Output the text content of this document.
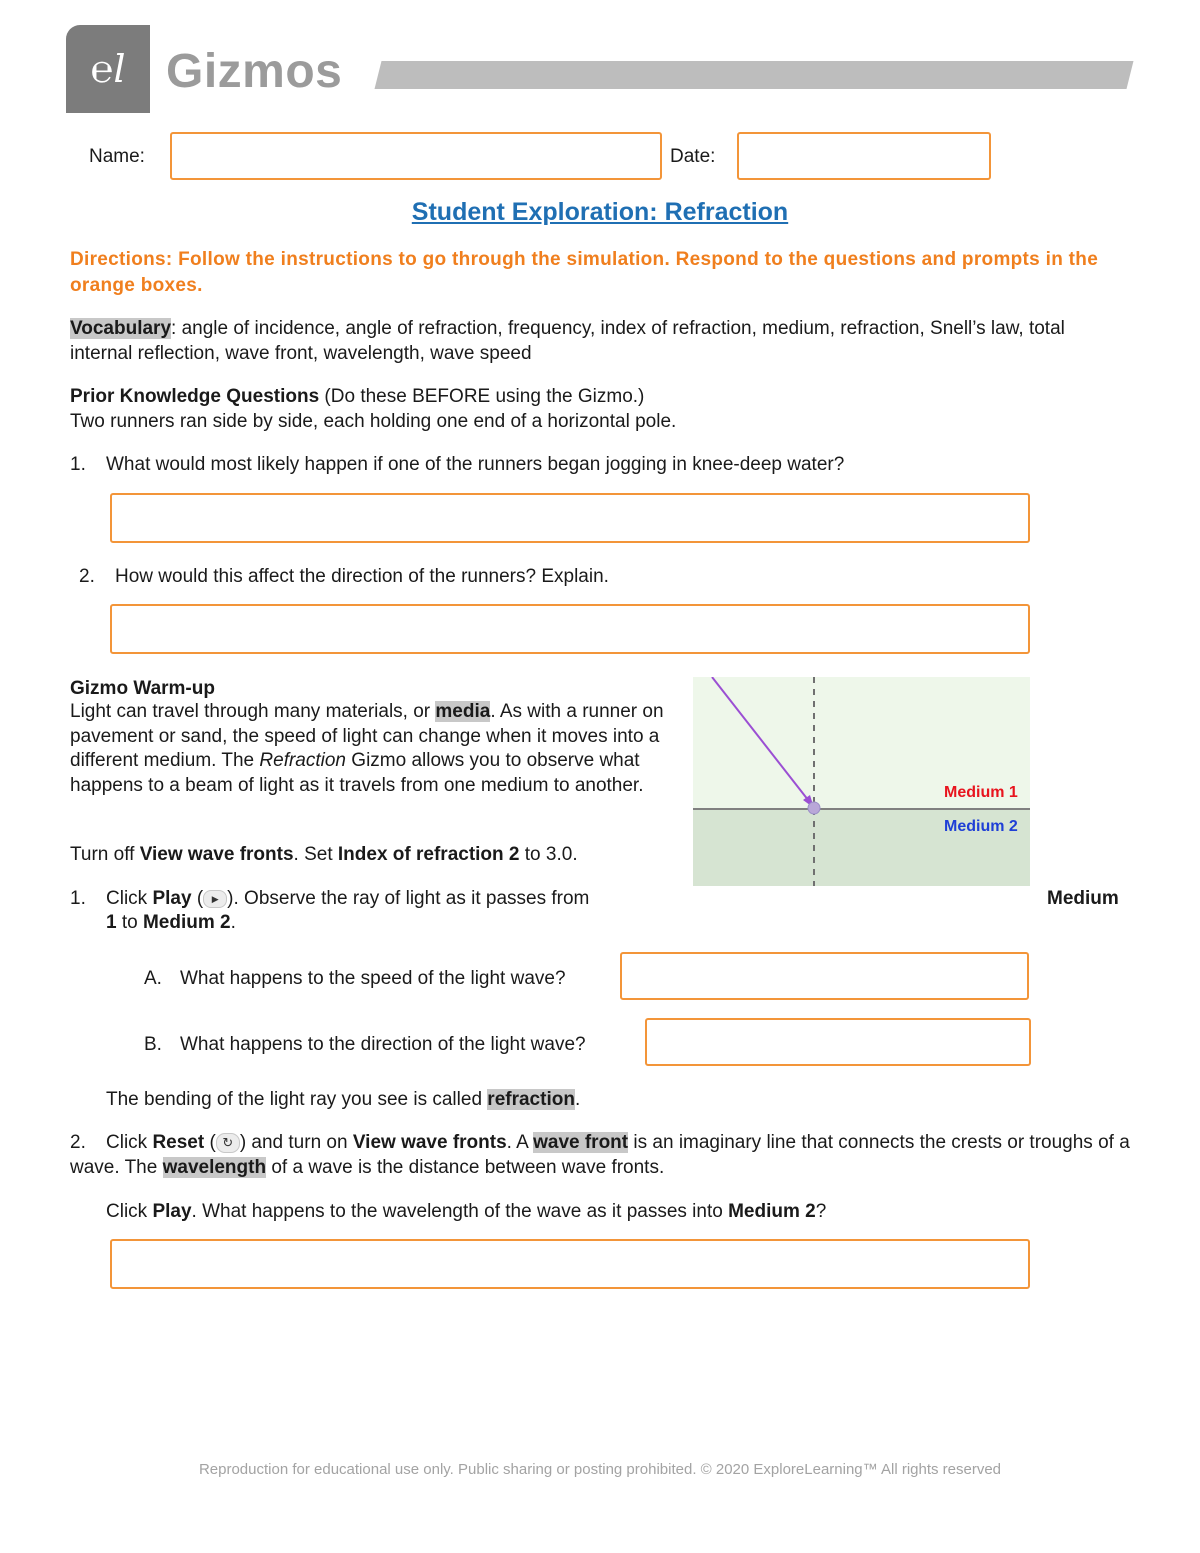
℮l Gizmos
Name:	Date:
Student Exploration: Refraction
Directions: Follow the instructions to go through the simulation. Respond to the questions and prompts in the orange boxes.
Vocabulary: angle of incidence, angle of refraction, frequency, index of refraction, medium, refraction, Snell’s law, total internal reflection, wave front, wavelength, wave speed
Prior Knowledge Questions (Do these BEFORE using the Gizmo.)
Two runners ran side by side, each holding one end of a horizontal pole.
1. What would most likely happen if one of the runners began jogging in knee-deep water?
2. How would this affect the direction of the runners? Explain.
Gizmo Warm-up
Light can travel through many materials, or media. As with a runner on pavement or sand, the speed of light can change when it moves into a different medium. The Refraction Gizmo allows you to observe what happens to a beam of light as it travels from one medium to another.
Turn off View wave fronts. Set Index of refraction 2 to 3.0.
Medium 1
Medium 2
1. Click Play ( ▶ ). Observe the ray of light as it passes from	Medium
1 to Medium 2.
A. What happens to the speed of the light wave?
B. What happens to the direction of the light wave?
The bending of the light ray you see is called refraction.
2. Click Reset ( ↻ ) and turn on View wave fronts. A wave front is an imaginary line that connects the crests or troughs of a wave. The wavelength of a wave is the distance between wave fronts.
Click Play. What happens to the wavelength of the wave as it passes into Medium 2?
Reproduction for educational use only. Public sharing or posting prohibited. © 2020 ExploreLearning™ All rights reserved
